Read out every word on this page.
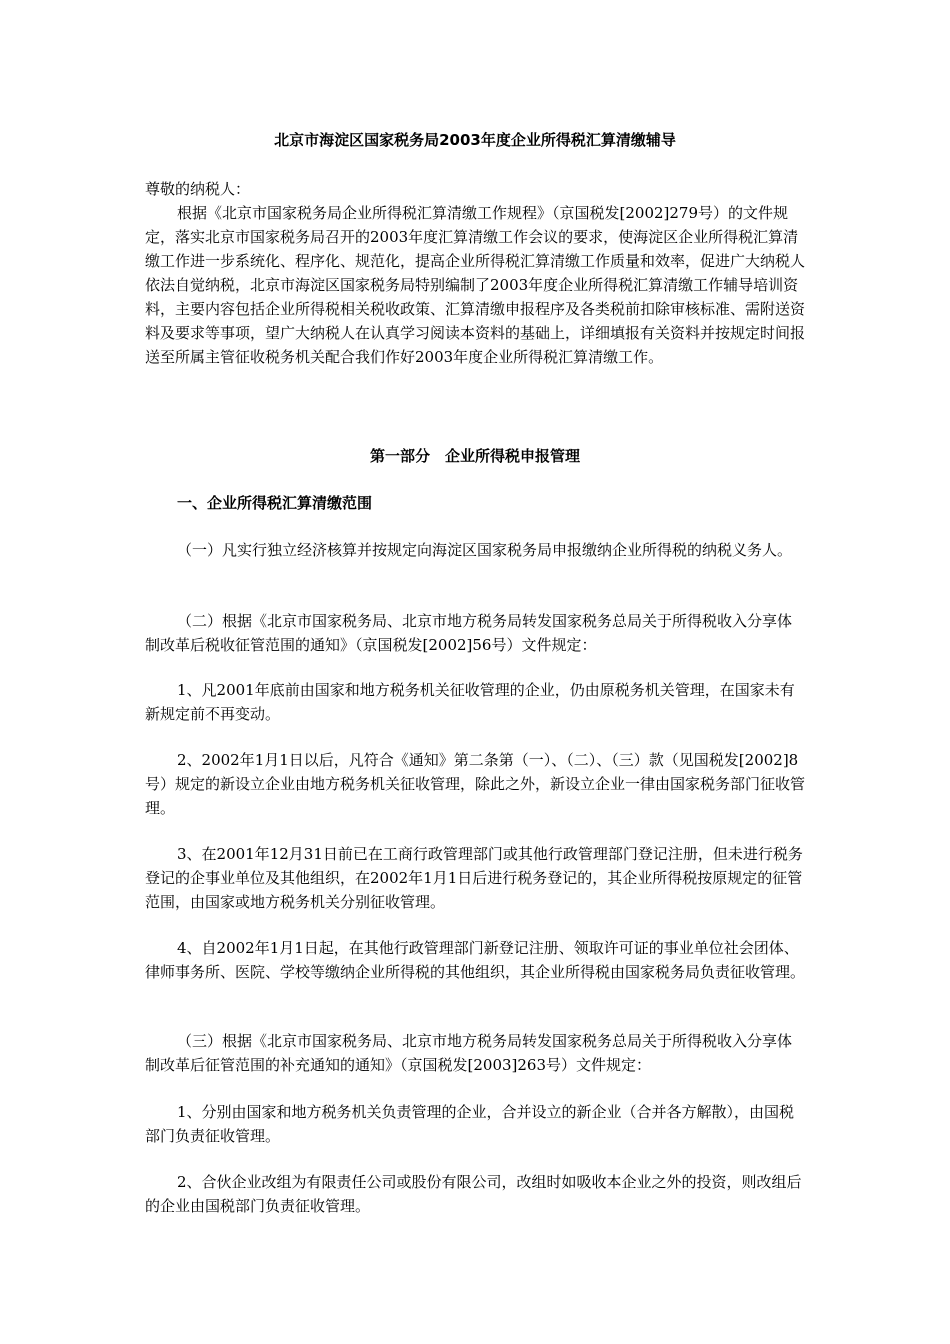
北京市海淀区国家税务局2003年度企业所得税汇算清缴辅导

尊敬的纳税人：

根据《北京市国家税务局企业所得税汇算清缴工作规程》（京国税发[2002]279号）的文件规定，落实北京市国家税务局召开的2003年度汇算清缴工作会议的要求，使海淀区企业所得税汇算清缴工作进一步系统化、程序化、规范化，提高企业所得税汇算清缴工作质量和效率，促进广大纳税人依法自觉纳税，北京市海淀区国家税务局特别编制了2003年度企业所得税汇算清缴工作辅导培训资料，主要内容包括企业所得税相关税收政策、汇算清缴申报程序及各类税前扣除审核标准、需附送资料及要求等事项，望广大纳税人在认真学习阅读本资料的基础上，详细填报有关资料并按规定时间报送至所属主管征收税务机关配合我们作好2003年度企业所得税汇算清缴工作。

第一部分　企业所得税申报管理

一、企业所得税汇算清缴范围

（一）凡实行独立经济核算并按规定向海淀区国家税务局申报缴纳企业所得税的纳税义务人。

（二）根据《北京市国家税务局、北京市地方税务局转发国家税务总局关于所得税收入分享体制改革后税收征管范围的通知》（京国税发[2002]56号）文件规定：

1、凡2001年底前由国家和地方税务机关征收管理的企业，仍由原税务机关管理，在国家未有新规定前不再变动。

2、2002年1月1日以后，凡符合《通知》第二条第（一）、（二）、（三）款（见国税发[2002]8号）规定的新设立企业由地方税务机关征收管理，除此之外，新设立企业一律由国家税务部门征收管理。

3、在2001年12月31日前已在工商行政管理部门或其他行政管理部门登记注册，但未进行税务登记的企事业单位及其他组织，在2002年1月1日后进行税务登记的，其企业所得税按原规定的征管范围，由国家或地方税务机关分别征收管理。

4、自2002年1月1日起，在其他行政管理部门新登记注册、领取许可证的事业单位社会团体、律师事务所、医院、学校等缴纳企业所得税的其他组织，其企业所得税由国家税务局负责征收管理。

（三）根据《北京市国家税务局、北京市地方税务局转发国家税务总局关于所得税收入分享体制改革后征管范围的补充通知的通知》（京国税发[2003]263号）文件规定：

1、分别由国家和地方税务机关负责管理的企业，合并设立的新企业（合并各方解散），由国税部门负责征收管理。

2、合伙企业改组为有限责任公司或股份有限公司，改组时如吸收本企业之外的投资，则改组后的企业由国税部门负责征收管理。
